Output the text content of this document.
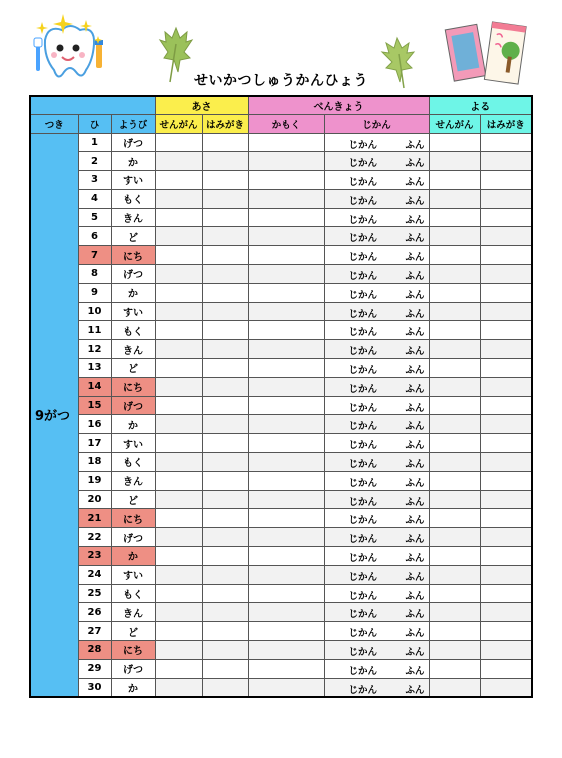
せいかつしゅうかんひょう
			あさ		べんきょう		よる	
つき	ひ	ようび	せんがん	はみがき	かもく	じかん	せんがん	はみがき
9がつ	1	げつ				じかん ふん		

	2	か				じかん ふん		

	3	すい				じかん ふん		

	4	もく				じかん ふん		

	5	きん				じかん ふん		

	6	ど				じかん ふん		

	7	にち				じかん ふん		

	8	げつ				じかん ふん		

	9	か				じかん ふん		

	10	すい				じかん ふん		

	11	もく				じかん ふん		

	12	きん				じかん ふん		

	13	ど				じかん ふん		

	14	にち				じかん ふん		

	15	げつ				じかん ふん		

	16	か				じかん ふん		

	17	すい				じかん ふん		

	18	もく				じかん ふん		

	19	きん				じかん ふん		

	20	ど				じかん ふん		

	21	にち				じかん ふん		

	22	げつ				じかん ふん		

	23	か				じかん ふん		

	24	すい				じかん ふん		

	25	もく				じかん ふん		

	26	きん				じかん ふん		

	27	ど				じかん ふん		

	28	にち				じかん ふん		

	29	げつ				じかん ふん		

	30	か				じかん ふん		
